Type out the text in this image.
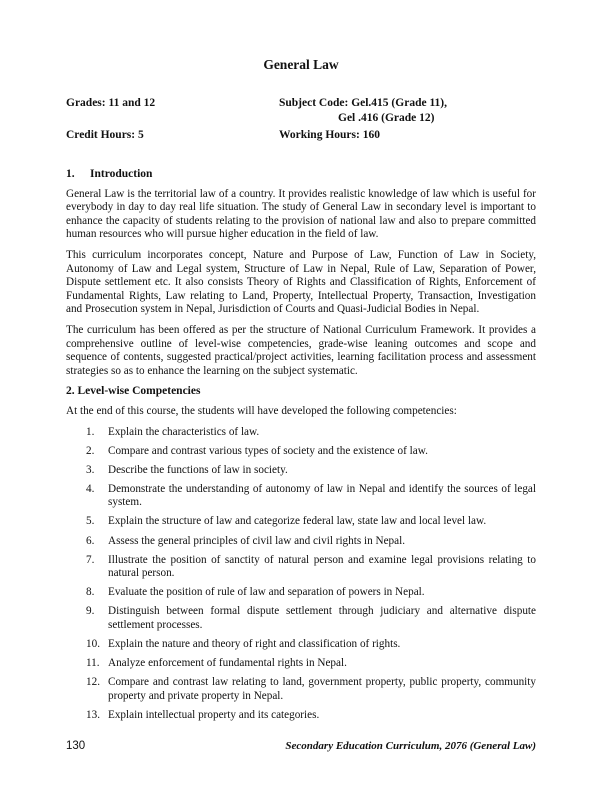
General Law
Grades: 11 and 12	Subject Code: Gel.415 (Grade 11),
Gel .416 (Grade 12)
Credit Hours: 5	Working Hours: 160
1. Introduction

General Law is the territorial law of a country. It provides realistic knowledge of law which is useful for everybody in day to day real life situation. The study of General Law in secondary level is important to enhance the capacity of students relating to the provision of national law and also to prepare committed human resources who will pursue higher education in the field of law.

This curriculum incorporates concept, Nature and Purpose of Law, Function of Law in Society, Autonomy of Law and Legal system, Structure of Law in Nepal, Rule of Law, Separation of Power, Dispute settlement etc. It also consists Theory of Rights and Classification of Rights, Enforcement of Fundamental Rights, Law relating to Land, Property, Intellectual Property, Transaction, Investigation and Prosecution system in Nepal, Jurisdiction of Courts and Quasi-Judicial Bodies in Nepal.

The curriculum has been offered as per the structure of National Curriculum Framework. It provides a comprehensive outline of level-wise competencies, grade-wise leaning outcomes and scope and sequence of contents, suggested practical/project activities, learning facilitation process and assessment strategies so as to enhance the learning on the subject systematic.

2. Level-wise Competencies

At the end of this course, the students will have developed the following competencies:

1. Explain the characteristics of law.
2. Compare and contrast various types of society and the existence of law.
3. Describe the functions of law in society.
4. Demonstrate the understanding of autonomy of law in Nepal and identify the sources of legal system.
5. Explain the structure of law and categorize federal law, state law and local level law.
6. Assess the general principles of civil law and civil rights in Nepal.
7. Illustrate the position of sanctity of natural person and examine legal provisions relating to natural person.
8. Evaluate the position of rule of law and separation of powers in Nepal.
9. Distinguish between formal dispute settlement through judiciary and alternative dispute settlement processes.
10. Explain the nature and theory of right and classification of rights.
11. Analyze enforcement of fundamental rights in Nepal.
12. Compare and contrast law relating to land, government property, public property, community property and private property in Nepal.
13. Explain intellectual property and its categories.
130	Secondary Education Curriculum, 2076 (General Law)
